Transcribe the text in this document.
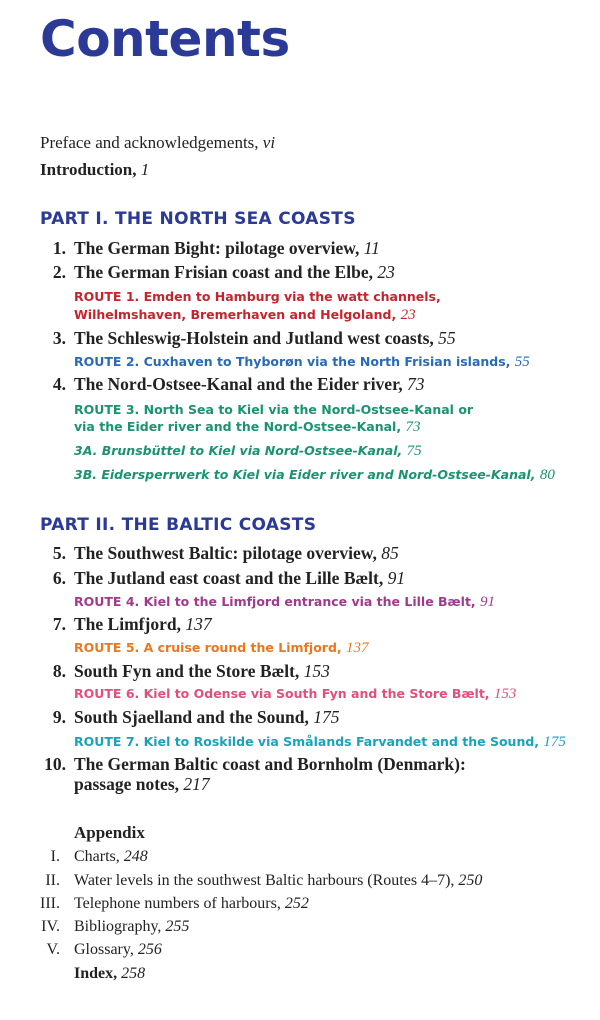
Contents
Preface and acknowledgements, vi
Introduction, 1
PART I. THE NORTH SEA COASTS
1. The German Bight: pilotage overview, 11
2. The German Frisian coast and the Elbe, 23
ROUTE 1. Emden to Hamburg via the watt channels,
Wilhelmshaven, Bremerhaven and Helgoland, 23
3. The Schleswig-Holstein and Jutland west coasts, 55
ROUTE 2. Cuxhaven to Thyborøn via the North Frisian islands, 55
4. The Nord-Ostsee-Kanal and the Eider river, 73
ROUTE 3. North Sea to Kiel via the Nord-Ostsee-Kanal or
via the Eider river and the Nord-Ostsee-Kanal, 73
3A. Brunsbüttel to Kiel via Nord-Ostsee-Kanal, 75
3B. Eidersperrwerk to Kiel via Eider river and Nord-Ostsee-Kanal, 80
PART II. THE BALTIC COASTS
5. The Southwest Baltic: pilotage overview, 85
6. The Jutland east coast and the Lille Bælt, 91
ROUTE 4. Kiel to the Limfjord entrance via the Lille Bælt, 91
7. The Limfjord, 137
ROUTE 5. A cruise round the Limfjord, 137
8. South Fyn and the Store Bælt, 153
ROUTE 6. Kiel to Odense via South Fyn and the Store Bælt, 153
9. South Sjaelland and the Sound, 175
ROUTE 7. Kiel to Roskilde via Smålands Farvandet and the Sound, 175
10. The German Baltic coast and Bornholm (Denmark):
passage notes, 217
Appendix
I. Charts, 248
II. Water levels in the southwest Baltic harbours (Routes 4–7), 250
III. Telephone numbers of harbours, 252
IV. Bibliography, 255
V. Glossary, 256
Index, 258
